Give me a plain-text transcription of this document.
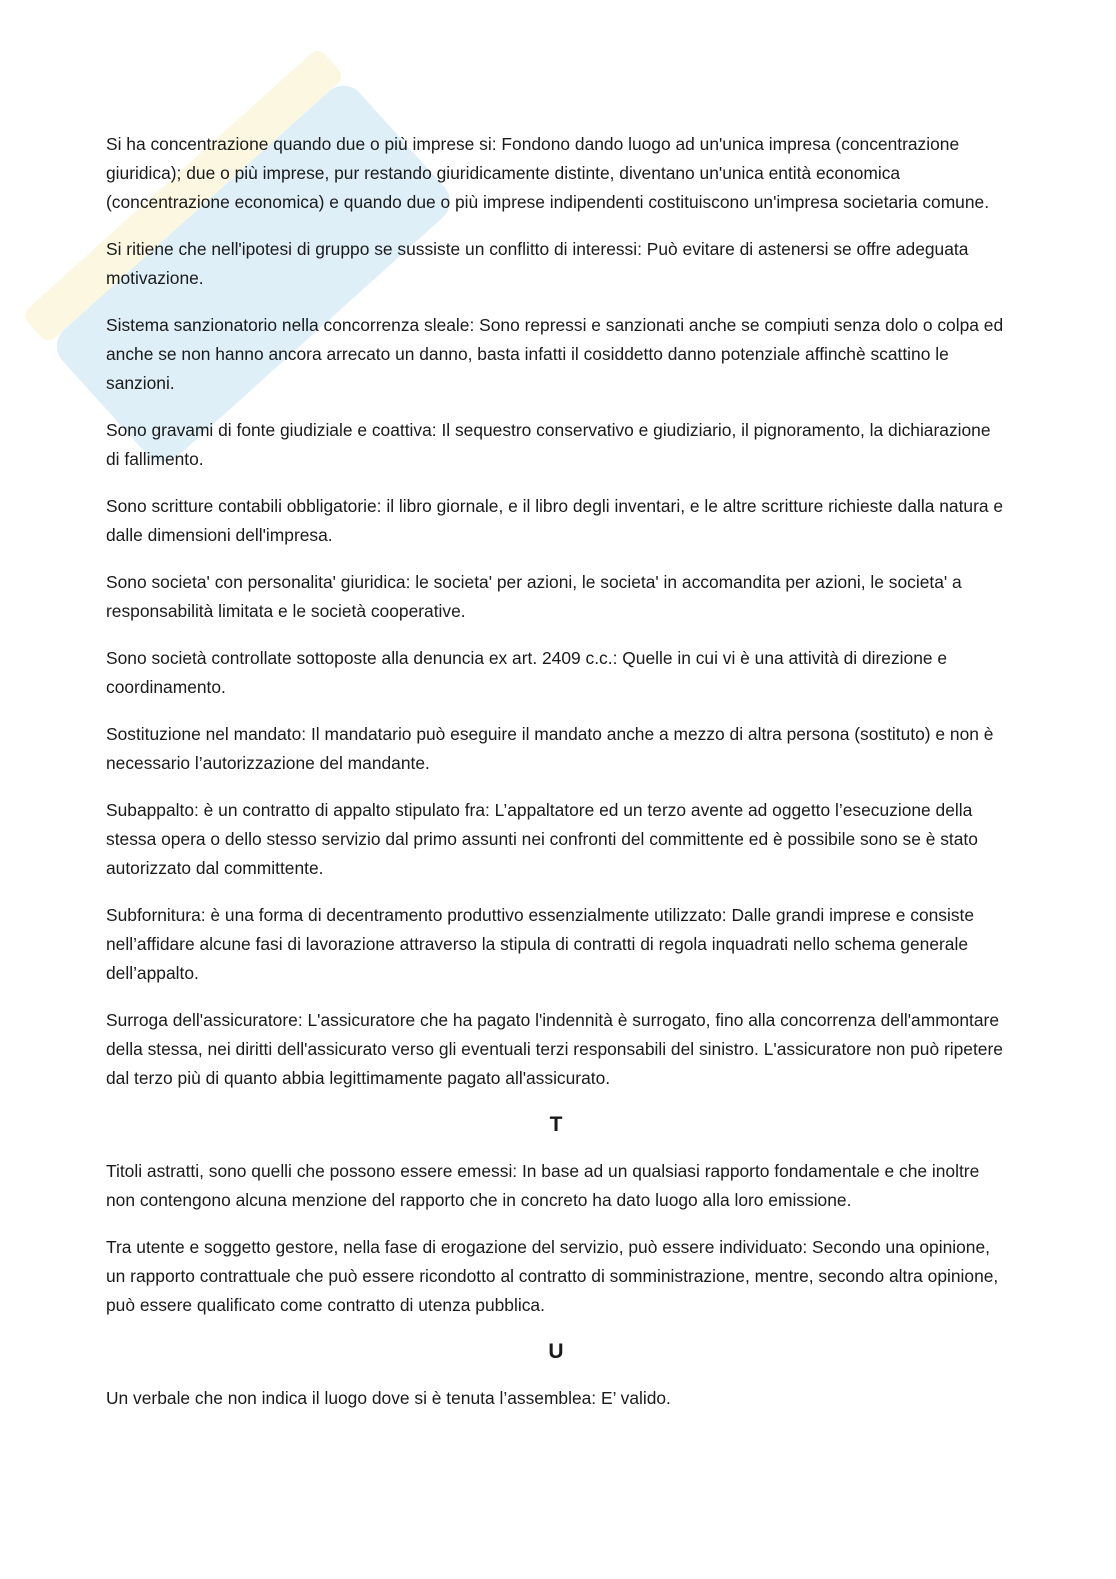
Si ha concentrazione quando due o più imprese si: Fondono dando luogo ad un'unica impresa (concentrazione giuridica); due o più imprese, pur restando giuridicamente distinte, diventano un'unica entità economica (concentrazione economica) e quando due o più imprese indipendenti costituiscono un'impresa societaria comune.

Si ritiene che nell'ipotesi di gruppo se sussiste un conflitto di interessi: Può evitare di astenersi se offre adeguata motivazione.

Sistema sanzionatorio nella concorrenza sleale: Sono repressi e sanzionati anche se compiuti senza dolo o colpa ed anche se non hanno ancora arrecato un danno, basta infatti il cosiddetto danno potenziale affinchè scattino le sanzioni.

Sono gravami di fonte giudiziale e coattiva: Il sequestro conservativo e giudiziario, il pignoramento, la dichiarazione di fallimento.

Sono scritture contabili obbligatorie: il libro giornale, e il libro degli inventari, e le altre scritture richieste dalla natura e dalle dimensioni dell'impresa.

Sono societa' con personalita' giuridica: le societa' per azioni, le societa' in accomandita per azioni, le societa' a responsabilità limitata e le società cooperative.

Sono società controllate sottoposte alla denuncia ex art. 2409 c.c.: Quelle in cui vi è una attività di direzione e coordinamento.

Sostituzione nel mandato: Il mandatario può eseguire il mandato anche a mezzo di altra persona (sostituto) e non è necessario l’autorizzazione del mandante.

Subappalto: è un contratto di appalto stipulato fra: L’appaltatore ed un terzo avente ad oggetto l’esecuzione della stessa opera o dello stesso servizio dal primo assunti nei confronti del committente ed è possibile sono se è stato autorizzato dal committente.

Subfornitura: è una forma di decentramento produttivo essenzialmente utilizzato: Dalle grandi imprese e consiste nell’affidare alcune fasi di lavorazione attraverso la stipula di contratti di regola inquadrati nello schema generale dell’appalto.

Surroga dell'assicuratore: L'assicuratore che ha pagato l'indennità è surrogato, fino alla concorrenza dell'ammontare della stessa, nei diritti dell'assicurato verso gli eventuali terzi responsabili del sinistro. L'assicuratore non può ripetere dal terzo più di quanto abbia legittimamente pagato all'assicurato.

T

Titoli astratti, sono quelli che possono essere emessi: In base ad un qualsiasi rapporto fondamentale e che inoltre non contengono alcuna menzione del rapporto che in concreto ha dato luogo alla loro emissione.

Tra utente e soggetto gestore, nella fase di erogazione del servizio, può essere individuato: Secondo una opinione, un rapporto contrattuale che può essere ricondotto al contratto di somministrazione, mentre, secondo altra opinione, può essere qualificato come contratto di utenza pubblica.

U

Un verbale che non indica il luogo dove si è tenuta l’assemblea: E’ valido.
